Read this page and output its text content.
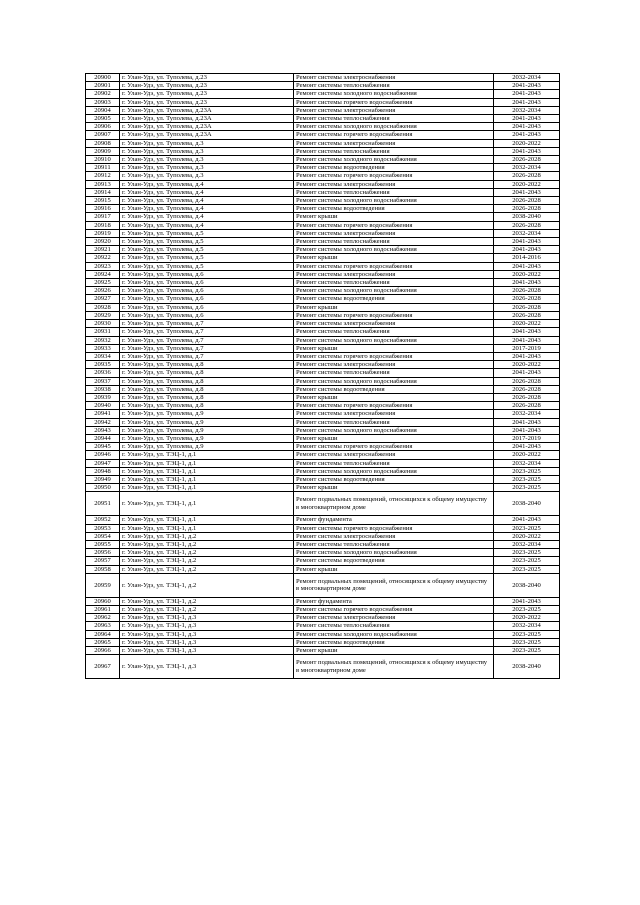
20900	г. Улан-Удэ, ул. Туполева, д.23	Ремонт системы электроснабжения	2032-2034
20901	г. Улан-Удэ, ул. Туполева, д.23	Ремонт системы теплоснабжения	2041-2043
20902	г. Улан-Удэ, ул. Туполева, д.23	Ремонт системы холодного водоснабжения	2041-2043
20903	г. Улан-Удэ, ул. Туполева, д.23	Ремонт системы горячего водоснабжения	2041-2043
20904	г. Улан-Удэ, ул. Туполева, д.23А	Ремонт системы электроснабжения	2032-2034
20905	г. Улан-Удэ, ул. Туполева, д.23А	Ремонт системы теплоснабжения	2041-2043
20906	г. Улан-Удэ, ул. Туполева, д.23А	Ремонт системы холодного водоснабжения	2041-2043
20907	г. Улан-Удэ, ул. Туполева, д.23А	Ремонт системы горячего водоснабжения	2041-2043
20908	г. Улан-Удэ, ул. Туполева, д.3	Ремонт системы электроснабжения	2020-2022
20909	г. Улан-Удэ, ул. Туполева, д.3	Ремонт системы теплоснабжения	2041-2043
20910	г. Улан-Удэ, ул. Туполева, д.3	Ремонт системы холодного водоснабжения	2026-2028
20911	г. Улан-Удэ, ул. Туполева, д.3	Ремонт системы водоотведения	2032-2034
20912	г. Улан-Удэ, ул. Туполева, д.3	Ремонт системы горячего водоснабжения	2026-2028
20913	г. Улан-Удэ, ул. Туполева, д.4	Ремонт системы электроснабжения	2020-2022
20914	г. Улан-Удэ, ул. Туполева, д.4	Ремонт системы теплоснабжения	2041-2043
20915	г. Улан-Удэ, ул. Туполева, д.4	Ремонт системы холодного водоснабжения	2026-2028
20916	г. Улан-Удэ, ул. Туполева, д.4	Ремонт системы водоотведения	2026-2028
20917	г. Улан-Удэ, ул. Туполева, д.4	Ремонт крыши	2038-2040
20918	г. Улан-Удэ, ул. Туполева, д.4	Ремонт системы горячего водоснабжения	2026-2028
20919	г. Улан-Удэ, ул. Туполева, д.5	Ремонт системы электроснабжения	2032-2034
20920	г. Улан-Удэ, ул. Туполева, д.5	Ремонт системы теплоснабжения	2041-2043
20921	г. Улан-Удэ, ул. Туполева, д.5	Ремонт системы холодного водоснабжения	2041-2043
20922	г. Улан-Удэ, ул. Туполева, д.5	Ремонт крыши	2014-2016
20923	г. Улан-Удэ, ул. Туполева, д.5	Ремонт системы горячего водоснабжения	2041-2043
20924	г. Улан-Удэ, ул. Туполева, д.6	Ремонт системы электроснабжения	2020-2022
20925	г. Улан-Удэ, ул. Туполева, д.6	Ремонт системы теплоснабжения	2041-2043
20926	г. Улан-Удэ, ул. Туполева, д.6	Ремонт системы холодного водоснабжения	2026-2028
20927	г. Улан-Удэ, ул. Туполева, д.6	Ремонт системы водоотведения	2026-2028
20928	г. Улан-Удэ, ул. Туполева, д.6	Ремонт крыши	2026-2028
20929	г. Улан-Удэ, ул. Туполева, д.6	Ремонт системы горячего водоснабжения	2026-2028
20930	г. Улан-Удэ, ул. Туполева, д.7	Ремонт системы электроснабжения	2020-2022
20931	г. Улан-Удэ, ул. Туполева, д.7	Ремонт системы теплоснабжения	2041-2043
20932	г. Улан-Удэ, ул. Туполева, д.7	Ремонт системы холодного водоснабжения	2041-2043
20933	г. Улан-Удэ, ул. Туполева, д.7	Ремонт крыши	2017-2019
20934	г. Улан-Удэ, ул. Туполева, д.7	Ремонт системы горячего водоснабжения	2041-2043
20935	г. Улан-Удэ, ул. Туполева, д.8	Ремонт системы электроснабжения	2020-2022
20936	г. Улан-Удэ, ул. Туполева, д.8	Ремонт системы теплоснабжения	2041-2043
20937	г. Улан-Удэ, ул. Туполева, д.8	Ремонт системы холодного водоснабжения	2026-2028
20938	г. Улан-Удэ, ул. Туполева, д.8	Ремонт системы водоотведения	2026-2028
20939	г. Улан-Удэ, ул. Туполева, д.8	Ремонт крыши	2026-2028
20940	г. Улан-Удэ, ул. Туполева, д.8	Ремонт системы горячего водоснабжения	2026-2028
20941	г. Улан-Удэ, ул. Туполева, д.9	Ремонт системы электроснабжения	2032-2034
20942	г. Улан-Удэ, ул. Туполева, д.9	Ремонт системы теплоснабжения	2041-2043
20943	г. Улан-Удэ, ул. Туполева, д.9	Ремонт системы холодного водоснабжения	2041-2043
20944	г. Улан-Удэ, ул. Туполева, д.9	Ремонт крыши	2017-2019
20945	г. Улан-Удэ, ул. Туполева, д.9	Ремонт системы горячего водоснабжения	2041-2043
20946	г. Улан-Удэ, ул. ТЭЦ-1, д.1	Ремонт системы электроснабжения	2020-2022
20947	г. Улан-Удэ, ул. ТЭЦ-1, д.1	Ремонт системы теплоснабжения	2032-2034
20948	г. Улан-Удэ, ул. ТЭЦ-1, д.1	Ремонт системы холодного водоснабжения	2023-2025
20949	г. Улан-Удэ, ул. ТЭЦ-1, д.1	Ремонт системы водоотведения	2023-2025
20950	г. Улан-Удэ, ул. ТЭЦ-1, д.1	Ремонт крыши	2023-2025
20951	г. Улан-Удэ, ул. ТЭЦ-1, д.1	Ремонт подвальных помещений, относящихся к общему имуществу в многоквартирном доме	2038-2040
20952	г. Улан-Удэ, ул. ТЭЦ-1, д.1	Ремонт фундамента	2041-2043
20953	г. Улан-Удэ, ул. ТЭЦ-1, д.1	Ремонт системы горячего водоснабжения	2023-2025
20954	г. Улан-Удэ, ул. ТЭЦ-1, д.2	Ремонт системы электроснабжения	2020-2022
20955	г. Улан-Удэ, ул. ТЭЦ-1, д.2	Ремонт системы теплоснабжения	2032-2034
20956	г. Улан-Удэ, ул. ТЭЦ-1, д.2	Ремонт системы холодного водоснабжения	2023-2025
20957	г. Улан-Удэ, ул. ТЭЦ-1, д.2	Ремонт системы водоотведения	2023-2025
20958	г. Улан-Удэ, ул. ТЭЦ-1, д.2	Ремонт крыши	2023-2025
20959	г. Улан-Удэ, ул. ТЭЦ-1, д.2	Ремонт подвальных помещений, относящихся к общему имуществу в многоквартирном доме	2038-2040
20960	г. Улан-Удэ, ул. ТЭЦ-1, д.2	Ремонт фундамента	2041-2043
20961	г. Улан-Удэ, ул. ТЭЦ-1, д.2	Ремонт системы горячего водоснабжения	2023-2025
20962	г. Улан-Удэ, ул. ТЭЦ-1, д.3	Ремонт системы электроснабжения	2020-2022
20963	г. Улан-Удэ, ул. ТЭЦ-1, д.3	Ремонт системы теплоснабжения	2032-2034
20964	г. Улан-Удэ, ул. ТЭЦ-1, д.3	Ремонт системы холодного водоснабжения	2023-2025
20965	г. Улан-Удэ, ул. ТЭЦ-1, д.3	Ремонт системы водоотведения	2023-2025
20966	г. Улан-Удэ, ул. ТЭЦ-1, д.3	Ремонт крыши	2023-2025
20967	г. Улан-Удэ, ул. ТЭЦ-1, д.3	Ремонт подвальных помещений, относящихся к общему имуществу в многоквартирном доме	2038-2040
